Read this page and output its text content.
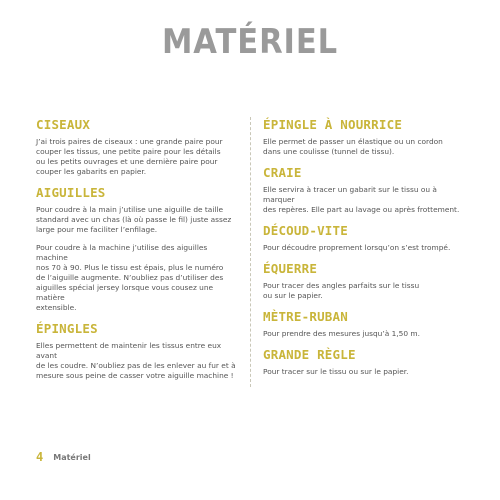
MATÉRIEL
CISEAUX

J’ai trois paires de ciseaux : une grande paire pour
couper les tissus, une petite paire pour les détails
ou les petits ouvrages et une dernière paire pour
couper les gabarits en papier.

AIGUILLES

Pour coudre à la main j’utilise une aiguille de taille
standard avec un chas (là où passe le fil) juste assez
large pour me faciliter l’enfilage.

Pour coudre à la machine j’utilise des aiguilles machine
nos 70 à 90. Plus le tissu est épais, plus le numéro
de l’aiguille augmente. N’oubliez pas d’utiliser des
aiguilles spécial jersey lorsque vous cousez une matière
extensible.

ÉPINGLES

Elles permettent de maintenir les tissus entre eux avant
de les coudre. N’oubliez pas de les enlever au fur et à
mesure sous peine de casser votre aiguille machine !

ÉPINGLE À NOURRICE

Elle permet de passer un élastique ou un cordon
dans une coulisse (tunnel de tissu).

CRAIE

Elle servira à tracer un gabarit sur le tissu ou à marquer
des repères. Elle part au lavage ou après frottement.

DÉCOUD-VITE

Pour découdre proprement lorsqu’on s’est trompé.

ÉQUERRE

Pour tracer des angles parfaits sur le tissu
ou sur le papier.

MÈTRE-RUBAN

Pour prendre des mesures jusqu’à 1,50 m.

GRANDE RÈGLE

Pour tracer sur le tissu ou sur le papier.

4 Matériel
